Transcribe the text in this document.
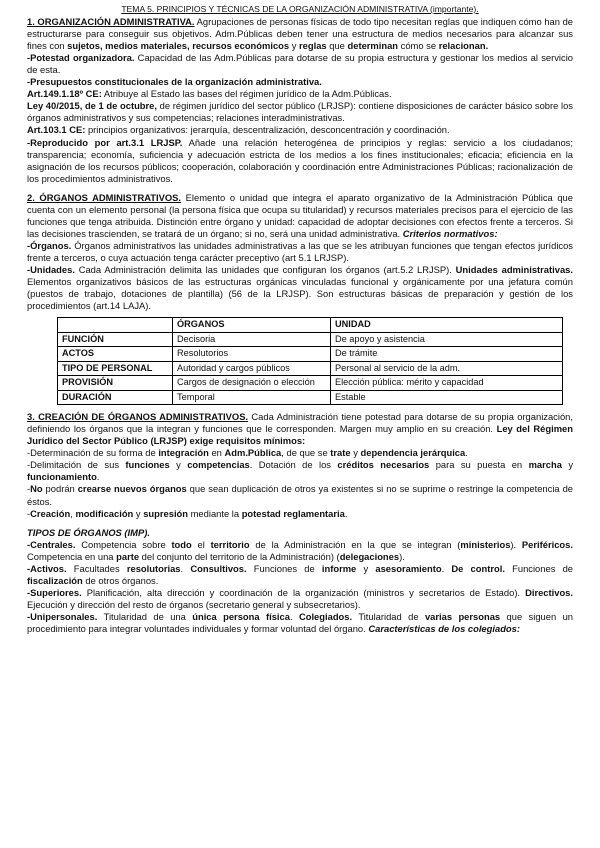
TEMA 5. PRINCIPIOS Y TÉCNICAS DE LA ORGANIZACIÓN ADMINISTRATIVA (importante).

1. ORGANIZACIÓN ADMINISTRATIVA. Agrupaciones de personas físicas de todo tipo necesitan reglas que indiquen cómo han de estructurarse para conseguir sus objetivos. Adm.Públicas deben tener una estructura de medios necesarios para alcanzar sus fines con sujetos, medios materiales, recursos económicos y reglas que determinan cómo se relacionan.

-Potestad organizadora. Capacidad de las Adm.Públicas para dotarse de su propia estructura y gestionar los medios al servicio de esta.

-Presupuestos constitucionales de la organización administrativa.

Art.149.1.18º CE: Atribuye al Estado las bases del régimen jurídico de la Adm.Públicas.

Ley 40/2015, de 1 de octubre, de régimen jurídico del sector público (LRJSP): contiene disposiciones de carácter básico sobre los órganos administrativos y sus competencias; relaciones interadministrativas.

Art.103.1 CE: principios organizativos: jerarquía, descentralización, desconcentración y coordinación.

-Reproducido por art.3.1 LRJSP. Añade una relación heterogénea de principios y reglas: servicio a los ciudadanos; transparencia; economía, suficiencia y adecuación estricta de los medios a los fines institucionales; eficacia; eficiencia en la asignación de los recursos públicos; cooperación, colaboración y coordinación entre Administraciones Públicas; racionalización de los procedimientos administrativos.

2. ÓRGANOS ADMINISTRATIVOS. Elemento o unidad que integra el aparato organizativo de la Administración Pública que cuenta con un elemento personal (la persona física que ocupa su titularidad) y recursos materiales precisos para el ejercicio de las funciones que tenga atribuida. Distinción entre órgano y unidad: capacidad de adoptar decisiones con efectos frente a terceros. Si las decisiones trascienden, se tratará de un órgano; si no, será una unidad administrativa. Criterios normativos:

-Órganos. Órganos administrativos las unidades administrativas a las que se les atribuyan funciones que tengan efectos jurídicos frente a terceros, o cuya actuación tenga carácter preceptivo (art 5.1 LRJSP).

-Unidades. Cada Administración delimita las unidades que configuran los órganos (art.5.2 LRJSP). Unidades administrativas. Elementos organizativos básicos de las estructuras orgánicas vinculadas funcional y orgánicamente por una jefatura común (puestos de trabajo, dotaciones de plantilla) (56 de la LRJSP). Son estructuras básicas de preparación y gestión de los procedimientos (art.14 LAJA).

	ÓRGANOS	UNIDAD
FUNCIÓN	Decisoria	De apoyo y asistencia
ACTOS	Resolutorios	De trámite
TIPO DE PERSONAL	Autoridad y cargos públicos	Personal al servicio de la adm.
PROVISIÓN	Cargos de designación o elección	Elección pública: mérito y capacidad
DURACIÓN	Temporal	Estable

3. CREACIÓN DE ÓRGANOS ADMINISTRATIVOS. Cada Administración tiene potestad para dotarse de su propia organización, definiendo los órganos que la integran y funciones que le corresponden. Margen muy amplio en su creación. Ley del Régimen Jurídico del Sector Público (LRJSP) exige requisitos mínimos:

-Determinación de su forma de integración en Adm.Pública, de que se trate y dependencia jerárquica.

-Delimitación de sus funciones y competencias. Dotación de los créditos necesarios para su puesta en marcha y funcionamiento.

-No podrán crearse nuevos órganos que sean duplicación de otros ya existentes si no se suprime o restringe la competencia de éstos.

-Creación, modificación y supresión mediante la potestad reglamentaria.

TIPOS DE ÓRGANOS (IMP).

-Centrales. Competencia sobre todo el territorio de la Administración en la que se integran (ministerios). Periféricos. Competencia en una parte del conjunto del territorio de la Administración) (delegaciones).

-Activos. Facultades resolutorias. Consultivos. Funciones de informe y asesoramiento. De control. Funciones de fiscalización de otros órganos.

-Superiores. Planificación, alta dirección y coordinación de la organización (ministros y secretarios de Estado). Directivos. Ejecución y dirección del resto de órganos (secretario general y subsecretarios).

-Unipersonales. Titularidad de una única persona física. Colegiados. Titularidad de varias personas que siguen un procedimiento para integrar voluntades individuales y formar voluntad del órgano. Características de los colegiados:
